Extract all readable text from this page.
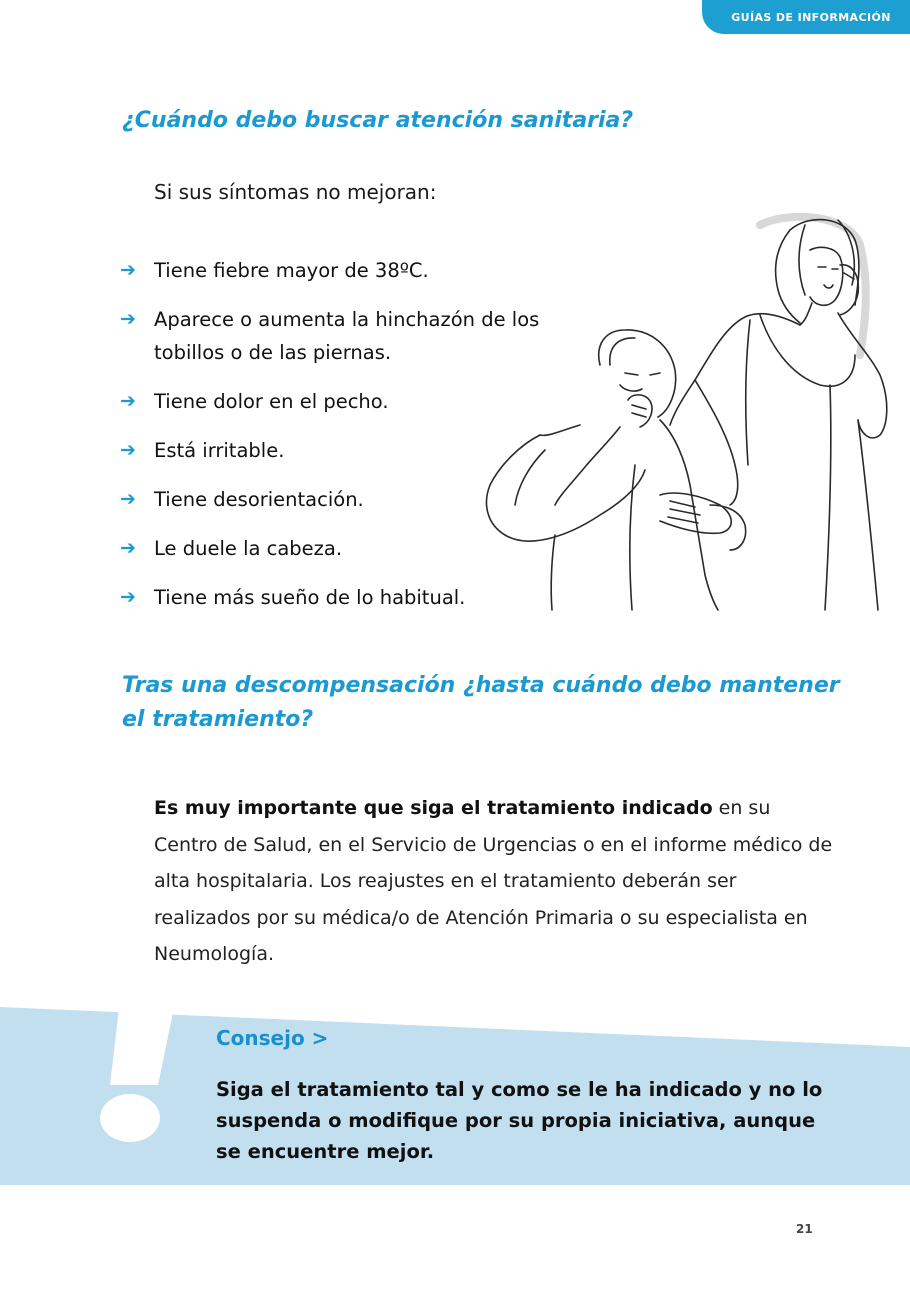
GUÍAS DE INFORMACIÓN
¿Cuándo debo buscar atención sanitaria?

Si sus síntomas no mejoran:

➔ Tiene fiebre mayor de 38ºC.
➔ Aparece o aumenta la hinchazón de los tobillos o de las piernas.
➔ Tiene dolor en el pecho.
➔ Está irritable.
➔ Tiene desorientación.
➔ Le duele la cabeza.
➔ Tiene más sueño de lo habitual.
Tras una descompensación ¿hasta cuándo debo mantener el tratamiento?

Es muy importante que siga el tratamiento indicado en su Centro de Salud, en el Servicio de Urgencias o en el informe médico de alta hospitalaria. Los reajustes en el tratamiento deberán ser realizados por su médica/o de Atención Primaria o su especialista en Neumología.

Consejo >
Siga el tratamiento tal y como se le ha indicado y no lo suspenda o modifique por su propia iniciativa, aunque se encuentre mejor.
21
